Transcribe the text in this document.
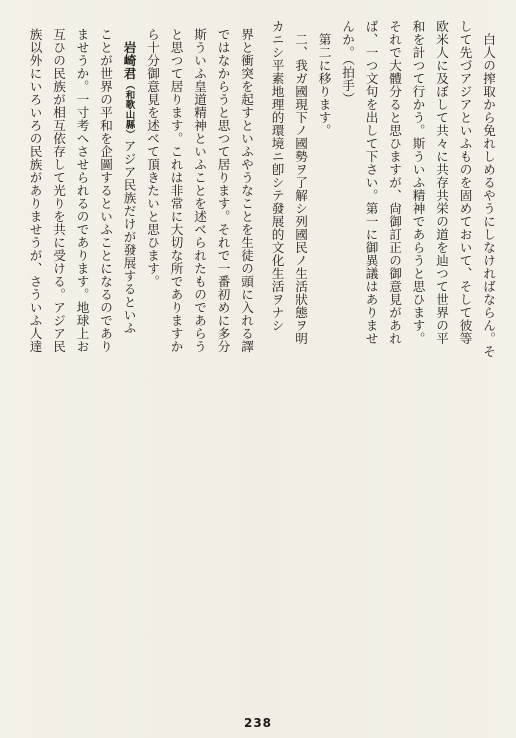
白人の搾取から免れしめるやうにしなければならん。そ

して先づアジアといふものを固めておいて、そして彼等

欧米人に及ぼして共々に共存共栄の道を辿つて世界の平

和を計つて行かう。斯ういふ精神であらうと思ひます。

それで大體分ると思ひますが、尙御訂正の御意見があれ

ば、一つ文句を出して下さい。第一に御異議はありませ

んか。（拍手）

第二に移ります。

二、我ガ國現下ノ國勢ヲ了解シ列國民ノ生活狀態ヲ明

カニシ平素地理的環境ニ卽シテ發展的文化生活ヲナシ

界と衝突を起すといふやうなことを生徒の頭に入れる譯

ではなからうと思つて居ります。それで一番初めに多分

斯ういふ皇道精神といふことを述べられたものであらう

と思つて居ります。これは非常に大切な所でありますか

ら十分御意見を述べて頂きたいと思ひます。

岩崎君（和歌山縣）アジア民族だけが發展するといふ

ことが世界の平和を企圖するといふことになるのであり

ませうか。一寸考へさせられるのであります。地球上お

互ひの民族が相互依存して光りを共に受ける。アジア民

族以外にいろいろの民族がありませうが、さういふ人達

238
